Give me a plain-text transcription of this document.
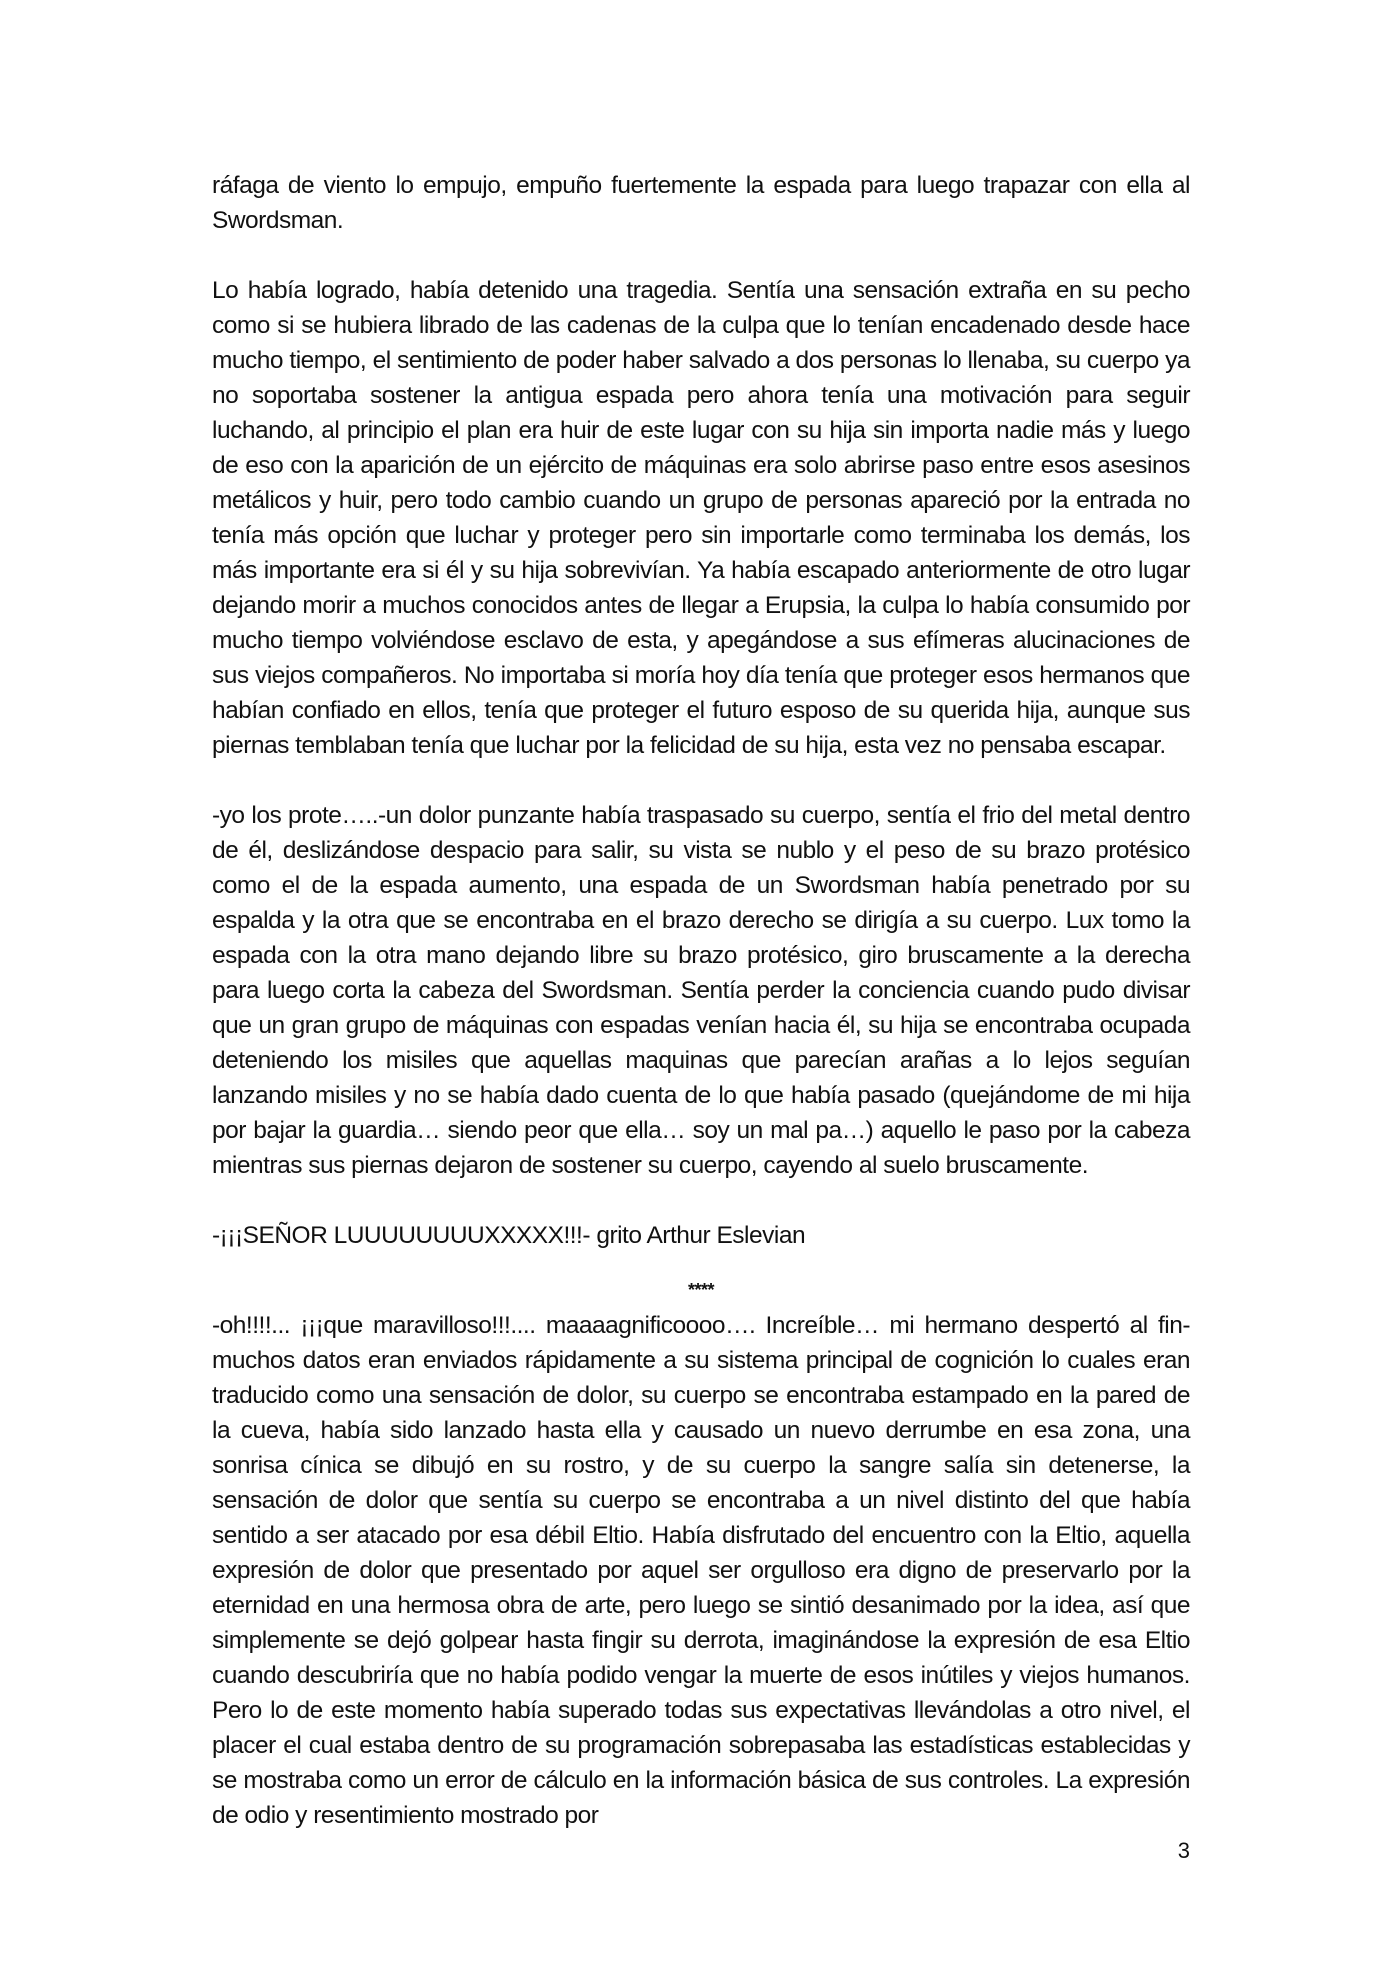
ráfaga de viento lo empujo, empuño fuertemente la espada para luego trapazar con ella al Swordsman.

Lo había logrado, había detenido una tragedia. Sentía una sensación extraña en su pecho como si se hubiera librado de las cadenas de la culpa que lo tenían encadenado desde hace mucho tiempo, el sentimiento de poder haber salvado a dos personas lo llenaba, su cuerpo ya no soportaba sostener la antigua espada pero ahora tenía una motivación para seguir luchando, al principio el plan era huir de este lugar con su hija sin importa nadie más y luego de eso con la aparición de un ejército de máquinas era solo abrirse paso entre esos asesinos metálicos y huir, pero todo cambio cuando un grupo de personas apareció por la entrada no tenía más opción que luchar y proteger pero sin importarle como terminaba los demás, los más importante era si él y su hija sobrevivían. Ya había escapado anteriormente de otro lugar dejando morir a muchos conocidos antes de llegar a Erupsia, la culpa lo había consumido por mucho tiempo volviéndose esclavo de esta, y apegándose a sus efímeras alucinaciones de sus viejos compañeros. No importaba si moría hoy día tenía que proteger esos hermanos que habían confiado en ellos, tenía que proteger el futuro esposo de su querida hija, aunque sus piernas temblaban tenía que luchar por la felicidad de su hija, esta vez no pensaba escapar.

-yo los prote…..-un dolor punzante había traspasado su cuerpo, sentía el frio del metal dentro de él, deslizándose despacio para salir, su vista se nublo y el peso de su brazo protésico como el de la espada aumento, una espada de un Swordsman había penetrado por su espalda y la otra que se encontraba en el brazo derecho se dirigía a su cuerpo. Lux tomo la espada con la otra mano dejando libre su brazo protésico, giro bruscamente a la derecha para luego corta la cabeza del Swordsman. Sentía perder la conciencia cuando pudo divisar que un gran grupo de máquinas con espadas venían hacia él, su hija se encontraba ocupada deteniendo los misiles que aquellas maquinas que parecían arañas a lo lejos seguían lanzando misiles y no se había dado cuenta de lo que había pasado (quejándome de mi hija por bajar la guardia… siendo peor que ella… soy un mal pa…) aquello le paso por la cabeza mientras sus piernas dejaron de sostener su cuerpo, cayendo al suelo bruscamente.

-¡¡¡SEÑOR LUUUUUUUUXXXXX!!!- grito Arthur Eslevian

****

-oh!!!!... ¡¡¡que maravilloso!!!.... maaaagnificoooo…. Increíble… mi hermano despertó al fin- muchos datos eran enviados rápidamente a su sistema principal de cognición lo cuales eran traducido como una sensación de dolor, su cuerpo se encontraba estampado en la pared de la cueva, había sido lanzado hasta ella y causado un nuevo derrumbe en esa zona, una sonrisa cínica se dibujó en su rostro, y de su cuerpo la sangre salía sin detenerse, la sensación de dolor que sentía su cuerpo se encontraba a un nivel distinto del que había sentido a ser atacado por esa débil Eltio. Había disfrutado del encuentro con la Eltio, aquella expresión de dolor que presentado por aquel ser orgulloso era digno de preservarlo por la eternidad en una hermosa obra de arte, pero luego se sintió desanimado por la idea, así que simplemente se dejó golpear hasta fingir su derrota, imaginándose la expresión de esa Eltio cuando descubriría que no había podido vengar la muerte de esos inútiles y viejos humanos. Pero lo de este momento había superado todas sus expectativas llevándolas a otro nivel, el placer el cual estaba dentro de su programación sobrepasaba las estadísticas establecidas y se mostraba como un error de cálculo en la información básica de sus controles. La expresión de odio y resentimiento mostrado por

3
